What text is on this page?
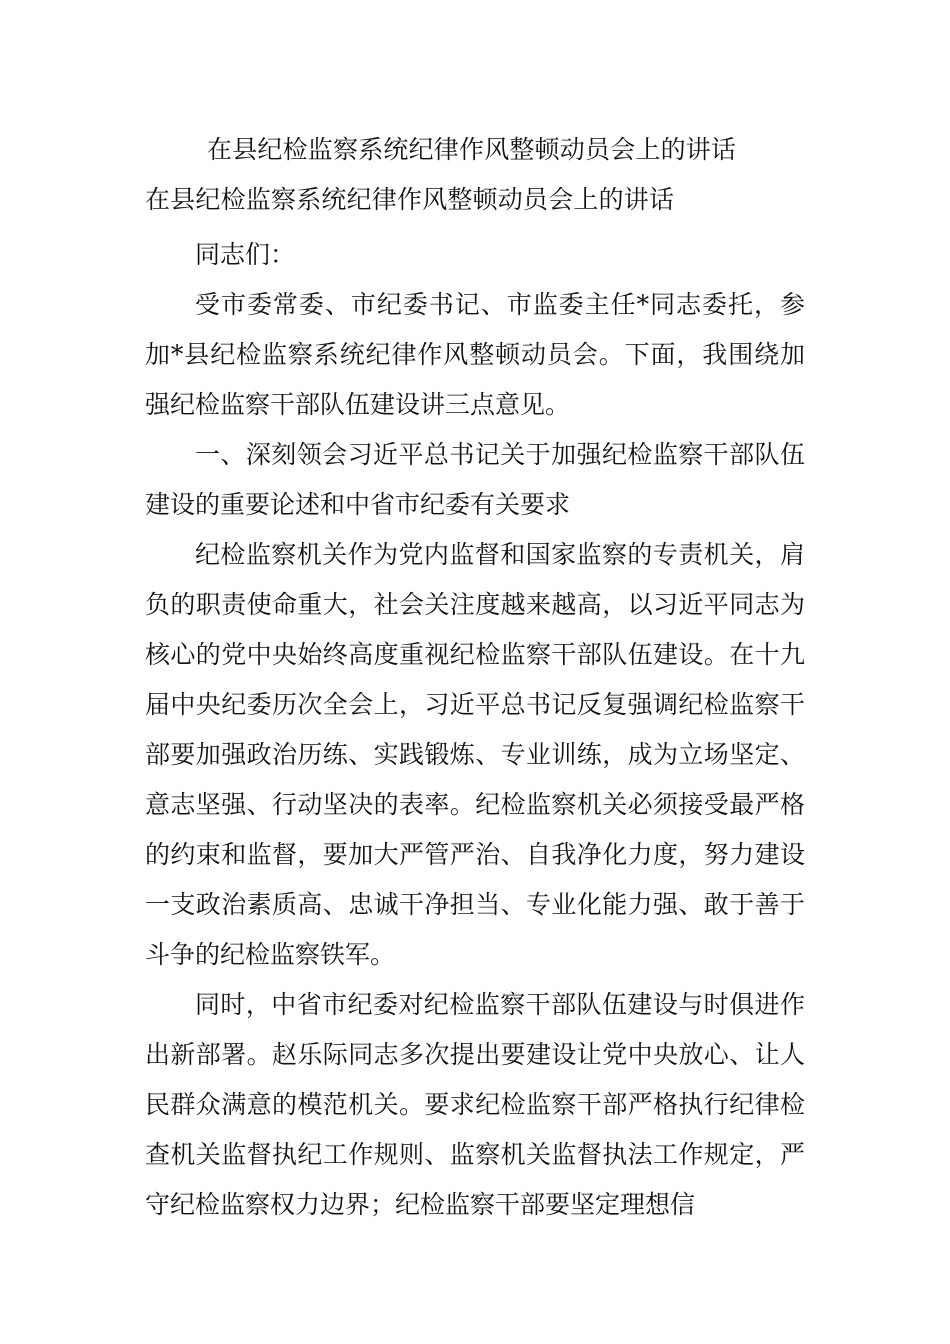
在县纪检监察系统纪律作风整顿动员会上的讲话
在县纪检监察系统纪律作风整顿动员会上的讲话

同志们：

受市委常委、市纪委书记、市监委主任*同志委托，参加*县纪检监察系统纪律作风整顿动员会。下面，我围绕加强纪检监察干部队伍建设讲三点意见。

一、深刻领会习近平总书记关于加强纪检监察干部队伍建设的重要论述和中省市纪委有关要求

纪检监察机关作为党内监督和国家监察的专责机关，肩负的职责使命重大，社会关注度越来越高，以习近平同志为核心的党中央始终高度重视纪检监察干部队伍建设。在十九届中央纪委历次全会上，习近平总书记反复强调纪检监察干部要加强政治历练、实践锻炼、专业训练，成为立场坚定、意志坚强、行动坚决的表率。纪检监察机关必须接受最严格的约束和监督，要加大严管严治、自我净化力度，努力建设一支政治素质高、忠诚干净担当、专业化能力强、敢于善于斗争的纪检监察铁军。

同时，中省市纪委对纪检监察干部队伍建设与时俱进作出新部署。赵乐际同志多次提出要建设让党中央放心、让人民群众满意的模范机关。要求纪检监察干部严格执行纪律检查机关监督执纪工作规则、监察机关监督执法工作规定，严守纪检监察权力边界；纪检监察干部要坚定理想信
